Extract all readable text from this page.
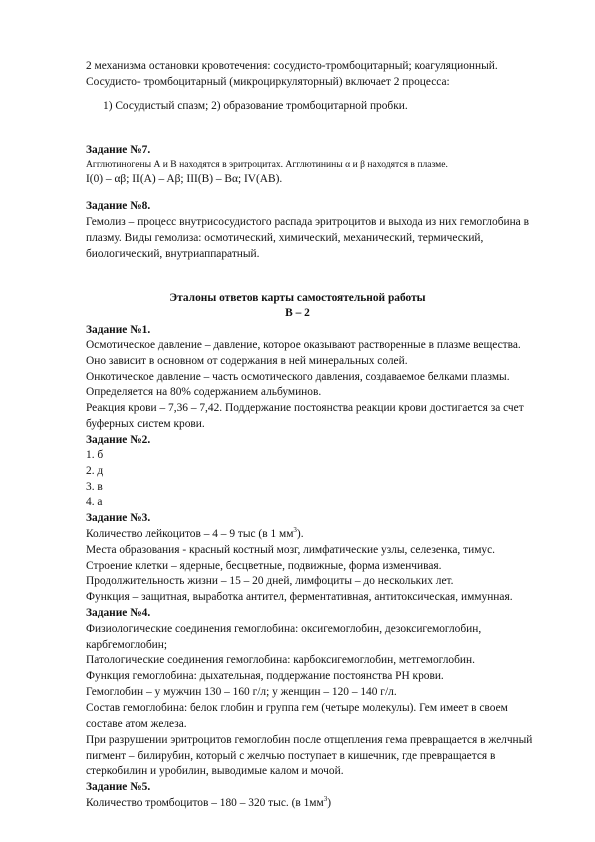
2 механизма остановки кровотечения: сосудисто-тромбоцитарный; коагуляционный.
Сосудисто- тромбоцитарный (микроциркуляторный) включает 2 процесса:
1) Сосудистый спазм; 2) образование тромбоцитарной пробки.
Задание №7.
Агглютиногены А и В находятся в эритроцитах. Агглютинины α и β находятся в плазме.
I(0) – αβ; II(A) – Aβ; III(B) – Bα; IV(AB).
Задание №8.
Гемолиз – процесс внутрисосудистого распада эритроцитов и выхода из них гемоглобина в
плазму. Виды гемолиза: осмотический, химический, механический, термический,
биологический, внутриаппаратный.
Эталоны ответов карты самостоятельной работы
В – 2
Задание №1.
Осмотическое давление – давление, которое оказывают растворенные в плазме вещества.
Оно зависит в основном от содержания в ней минеральных солей.
Онкотическое давление – часть осмотического давления, создаваемое белками плазмы.
Определяется на 80% содержанием альбуминов.
Реакция крови – 7,36 – 7,42. Поддержание постоянства реакции крови достигается за счет
буферных систем крови.
Задание №2.
1. б
2. д
3. в
4. а
Задание №3.
Количество лейкоцитов – 4 – 9 тыс (в 1 $мм^3$).
Места образования - красный костный мозг, лимфатические узлы, селезенка, тимус.
Строение клетки – ядерные, бесцветные, подвижные, форма изменчивая.
Продолжительность жизни – 15 – 20 дней, лимфоциты – до нескольких лет.
Функция – защитная, выработка антител, ферментативная, антитоксическая, иммунная.
Задание №4.
Физиологические соединения гемоглобина: оксигемоглобин, дезоксигемоглобин,
карбгемоглобин;
Патологические соединения гемоглобина: карбоксигемоглобин, метгемоглобин.
Функция гемоглобина: дыхательная, поддержание постоянства РН крови.
Гемоглобин – у мужчин 130 – 160 г/л; у женщин – 120 – 140 г/л.
Состав гемоглобина: белок глобин и группа гем (четыре молекулы). Гем имеет в своем
составе атом железа.
При разрушении эритроцитов гемоглобин после отщепления гема превращается в желчный
пигмент – билирубин, который с желчью поступает в кишечник, где превращается в
стеркобилин и уробилин, выводимые калом и мочой.
Задание №5.
Количество тромбоцитов – 180 – 320 тыс. (в $1мм^3$)
